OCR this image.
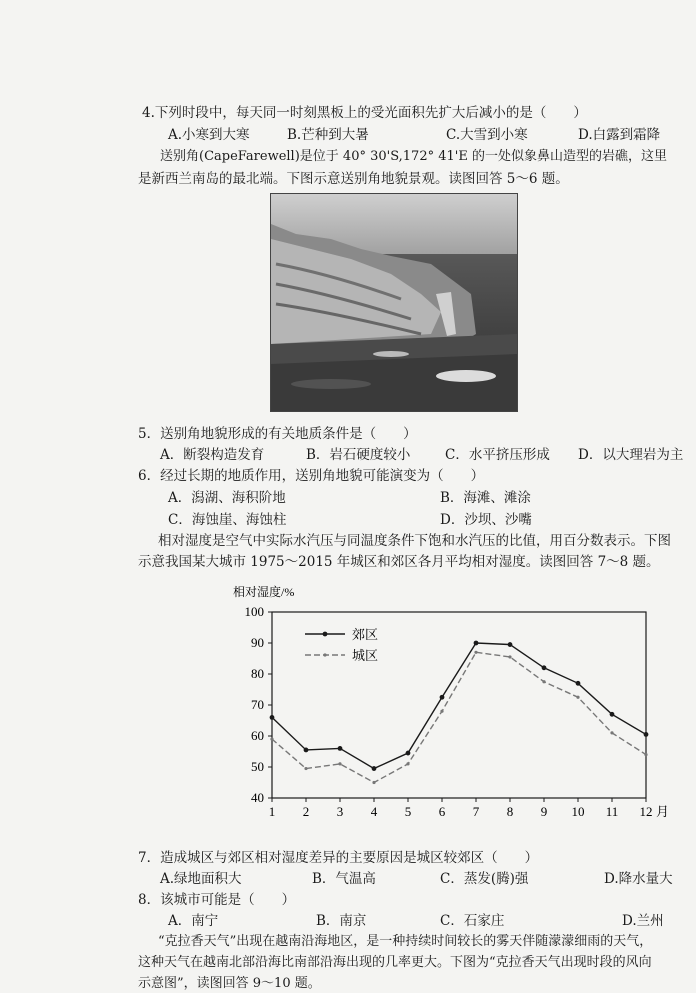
4.下列时段中，每天同一时刻黑板上的受光面积先扩大后减小的是（　　）
A.小寒到大寒	B.芒种到大暑	C.大雪到小寒	D.白露到霜降
送别角(CapeFarewell)是位于 40° 30'S,172° 41'E 的一处似象鼻山造型的岩礁，这里
是新西兰南岛的最北端。下图示意送别角地貌景观。读图回答 5～6 题。
5．送别角地貌形成的有关地质条件是（　　）
A．断裂构造发育	B．岩石硬度较小	C．水平挤压形成 D．以大理岩为主
6．经过长期的地质作用，送别角地貌可能演变为（　　）
A．潟湖、海积阶地	B．海滩、滩涂
C．海蚀崖、海蚀柱	D．沙坝、沙嘴
相对湿度是空气中实际水汽压与同温度条件下饱和水汽压的比值，用百分数表示。下图
示意我国某大城市 1975～2015 年城区和郊区各月平均相对湿度。读图回答 7～8 题。
相对湿度/%
40
50
60
70
80
90
100
1 2 3 4 5 6 7 8 9 10 11 12 月
郊区
城区
7．造成城区与郊区相对湿度差异的主要原因是城区较郊区（　　）
A.绿地面积大	B．气温高	C．蒸发(腾)强	D.降水量大
8．该城市可能是（　　）
A．南宁	B．南京	C．石家庄	D.兰州
“克拉香天气”出现在越南沿海地区，是一种持续时间较长的雾天伴随濛濛细雨的天气，
这种天气在越南北部沿海比南部沿海出现的几率更大。下图为“克拉香天气出现时段的风向
示意图”，读图回答 9～10 题。
